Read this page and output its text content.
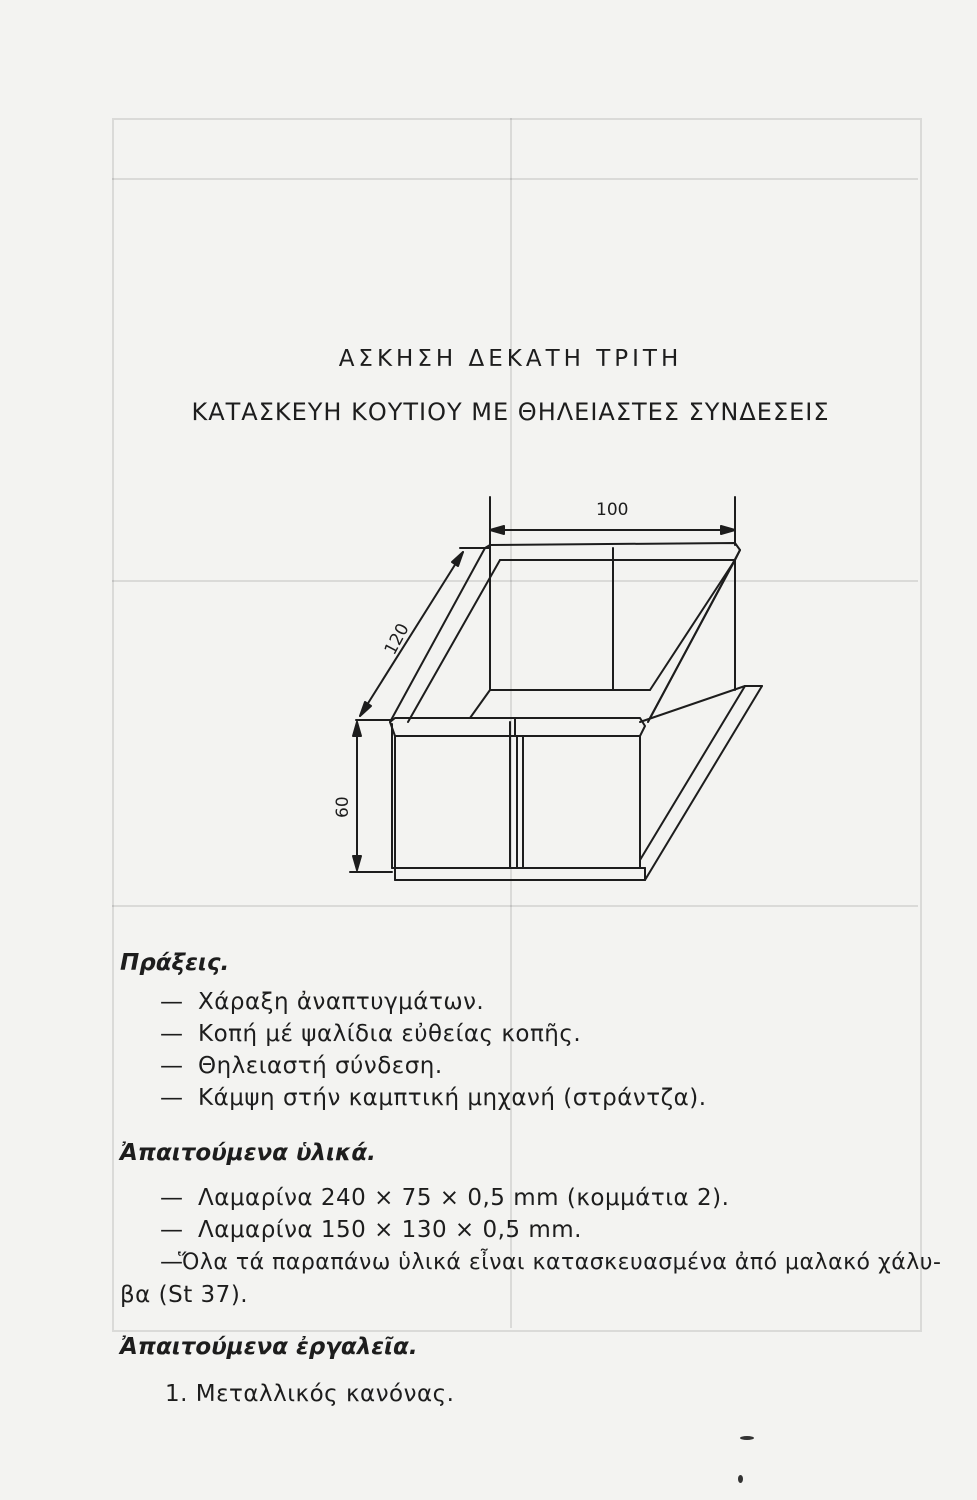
ΑΣΚΗΣΗ ΔΕΚΑΤΗ ΤΡΙΤΗ
ΚΑΤΑΣΚΕΥΗ ΚΟΥΤΙΟΥ ΜΕ ΘΗΛΕΙΑΣΤΕΣ ΣΥΝΔΕΣΕΙΣ
100
120
60
Πράξεις.
— Χάραξη ἀναπτυγμάτων.
— Κοπή μέ ψαλίδια εὐθείας κοπῆς.
— Θηλειαστή σύνδεση.
— Κάμψη στήν καμπτική μηχανή (στράντζα).
Ἀπαιτούμενα ὑλικά.
— Λαμαρίνα 240 × 75 × 0,5 mm (κομμάτια 2).
— Λαμαρίνα 150 × 130 × 0,5 mm.
—Ὅλα τά παραπάνω ὑλικά εἶναι κατασκευασμένα ἀπό μαλακό χάλυ-
βα (St 37).
Ἀπαιτούμενα ἐργαλεῖα.
1. Μεταλλικός κανόνας.
